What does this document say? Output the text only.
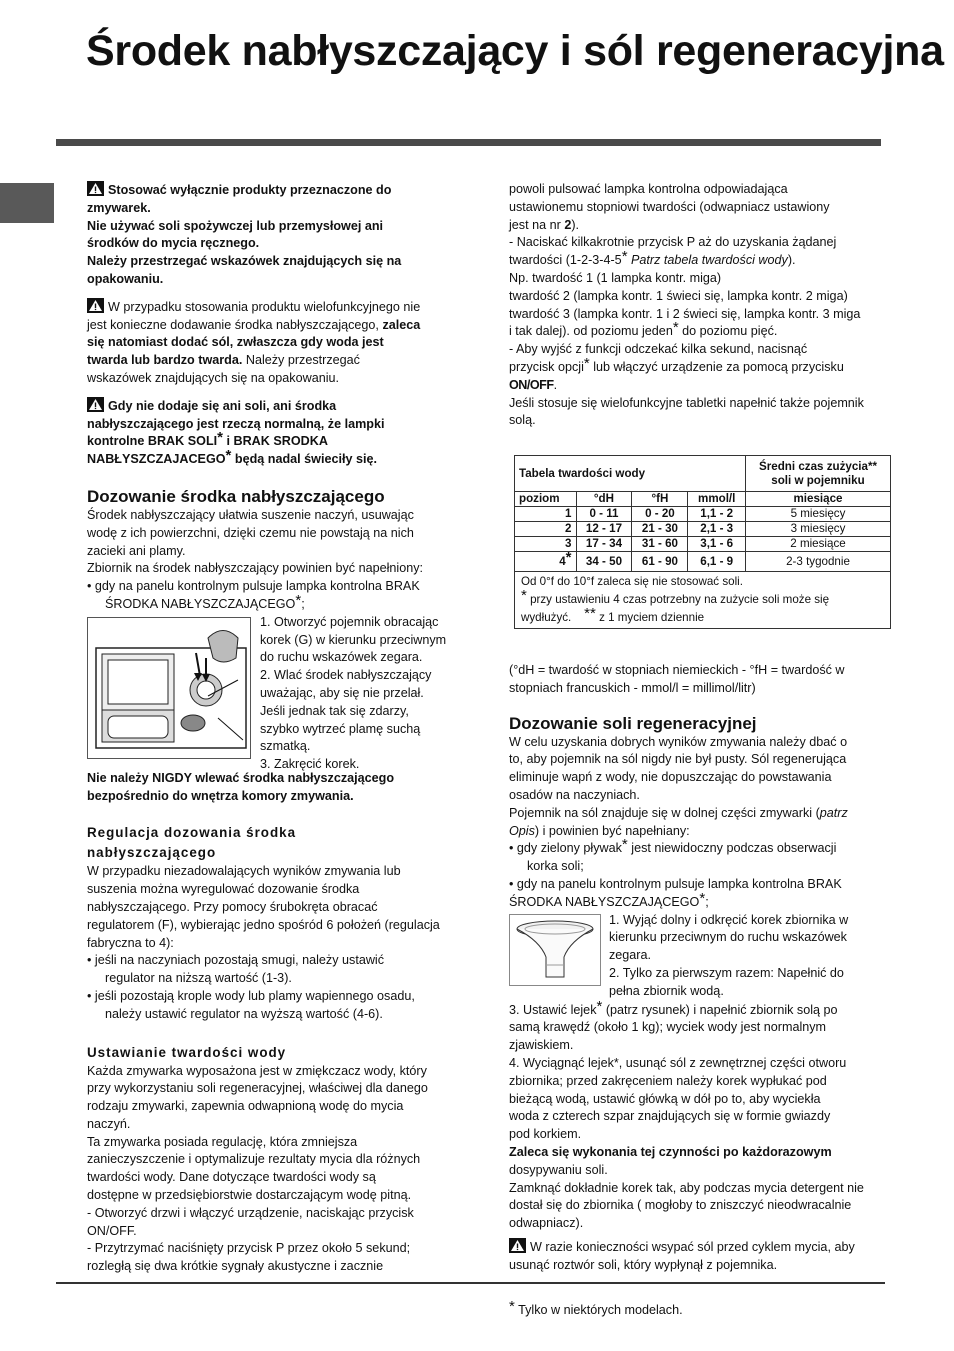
Środek nabłyszczający i sól regeneracyjna

Stosować wyłącznie produkty przeznaczone do

zmywarek.

Nie używać soli spożywczej lub przemysłowej ani

środków do mycia ręcznego.

Należy przestrzegać wskazówek znajdujących się na

opakowaniu.

W przypadku stosowania produktu wielofunkcyjnego nie

jest konieczne dodawanie środka nabłyszczającego, zaleca

się natomiast dodać sól, zwłaszcza gdy woda jest

twarda lub bardzo twarda. Należy przestrzegać

wskazówek znajdujących się na opakowaniu.

Gdy nie dodaje się ani soli, ani środka

nabłyszczającego jest rzeczą normalną, że lampki

kontrolne BRAK SOLI* i BRAK SRODKA

NABŁYSZCZAJACEGO* będą nadal świeciły się.

Dozowanie środka nabłyszczającego

Środek nabłyszczający ułatwia suszenie naczyń, usuwając

wodę z ich powierzchni, dzięki czemu nie powstają na nich

zacieki ani plamy.

Zbiornik na środek nabłyszczający powinien być napełniony:

• gdy na panelu kontrolnym pulsuje lampka kontrolna BRAK

ŚRODKA NABŁYSZCZAJĄCEGO*;

1. Otworzyć pojemnik obracając

korek (G) w kierunku przeciwnym

do ruchu wskazówek zegara.

2. Wlać środek nabłyszczający

uważając, aby się nie przelał.

Jeśli jednak tak się zdarzy,

szybko wytrzeć plamę suchą

szmatką.

3. Zakręcić korek.

Nie należy NIGDY wlewać środka nabłyszczającego

bezpośrednio do wnętrza komory zmywania.

Regulacja dozowania środka
nabłyszczającego

W przypadku niezadowalających wyników zmywania lub

suszenia można wyregulować dozowanie środka

nabłyszczającego. Przy pomocy śrubokręta obracać

regulatorem (F), wybierając jedno spośród 6 położeń (regulacja

fabryczna to 4):

• jeśli na naczyniach pozostają smugi, należy ustawić

regulator na niższą wartość (1-3).

• jeśli pozostają krople wody lub plamy wapiennego osadu,

należy ustawić regulator na wyższą wartość (4-6).

Ustawianie twardości wody

Każda zmywarka wyposażona jest w zmiękczacz wody, który

przy wykorzystaniu soli regeneracyjnej, właściwej dla danego

rodzaju zmywarki, zapewnia odwapnioną wodę do mycia

naczyń.

Ta zmywarka posiada regulację, która zmniejsza

zanieczyszczenie i optymalizuje rezultaty mycia dla różnych

twardości wody. Dane dotyczące twardości wody są

dostępne w przedsiębiorstwie dostarczającym wodę pitną.

- Otworzyć drzwi i włączyć urządzenie, naciskając przycisk

ON/OFF.

- Przytrzymać naciśnięty przycisk P przez około 5 sekund;

rozległą się dwa krótkie sygnały akustyczne i zacznie

powoli pulsować lampka kontrolna odpowiadająca

ustawionemu stopniowi twardości (odwapniacz ustawiony

jest na nr 2).

- Naciskać kilkakrotnie przycisk P aż do uzyskania żądanej

twardości (1-2-3-4-5* Patrz tabela twardości wody).

Np. twardość 1 (1 lampka kontr. miga)

twardość 2 (lampka kontr. 1 świeci się, lampka kontr. 2 miga)

twardość 3 (lampka kontr. 1 i 2 świeci się, lampka kontr. 3 miga

i tak dalej). od poziomu jeden* do poziomu pięć.

- Aby wyjść z funkcji odczekać kilka sekund, nacisnąć

przycisk opcji* lub włączyć urządzenie za pomocą przycisku

ON/OFF.

Jeśli stosuje się wielofunkcyjne tabletki napełnić także pojemnik

solą.

Tabela twardości wody				Średni czas zużycia**
soli w pojemniku
poziom	°dH	°fH	mmol/l	miesiące
1	0 - 11	0 - 20	1,1 - 2	5 miesięcy
2	12 - 17	21 - 30	2,1 - 3	3 miesięcy
3	17 - 34	31 - 60	3,1 - 6	2 miesiące
4*	34 - 50	61 - 90	6,1 - 9	2-3 tygodnie
Od 0°f do 10°f zaleca się nie stosować soli.
* przy ustawieniu 4 czas potrzebny na zużycie soli może się
wydłużyć. ** z 1 myciem dziennie				

(°dH = twardość w stopniach niemieckich - °fH = twardość w

stopniach francuskich - mmol/l = millimol/litr)

Dozowanie soli regeneracyjnej

W celu uzyskania dobrych wyników zmywania należy dbać o

to, aby pojemnik na sól nigdy nie był pusty. Sól regenerująca

eliminuje wapń z wody, nie dopuszczając do powstawania

osadów na naczyniach.

Pojemnik na sól znajduje się w dolnej części zmywarki (patrz

Opis) i powinien być napełniany:

• gdy zielony pływak* jest niewidoczny podczas obserwacji

korka soli;

• gdy na panelu kontrolnym pulsuje lampka kontrolna BRAK

ŚRODKA NABŁYSZCZAJĄCEGO*;

1. Wyjąć dolny i odkręcić korek zbiornika w

kierunku przeciwnym do ruchu wskazówek

zegara.

2. Tylko za pierwszym razem: Napełnić do

pełna zbiornik wodą.

3. Ustawić lejek* (patrz rysunek) i napełnić zbiornik solą po

samą krawędź (około 1 kg); wyciek wody jest normalnym

zjawiskiem.

4. Wyciągnąć lejek*, usunąć sól z zewnętrznej części otworu

zbiornika; przed zakręceniem należy korek wypłukać pod

bieżącą wodą, ustawić główką w dół po to, aby wyciekła

woda z czterech szpar znajdujących się w formie gwiazdy

pod korkiem.

Zaleca się wykonania tej czynności po każdorazowym

dosypywaniu soli.

Zamknąć dokładnie korek tak, aby podczas mycia detergent nie

dostał się do zbiornika ( mogłoby to zniszczyć nieodwracalnie

odwapniacz).

W razie konieczności wsypać sól przed cyklem mycia, aby

usunąć roztwór soli, który wypłynął z pojemnika.

* Tylko w niektórych modelach.
